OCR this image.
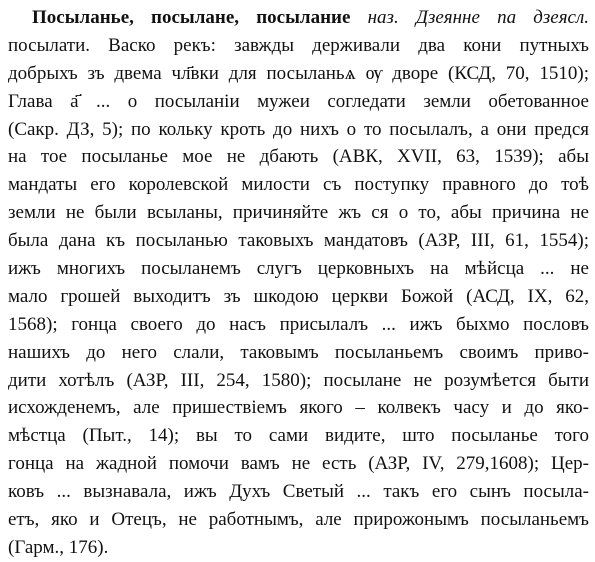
Посыланье, посылане, посылание наз. Дзеянне па дзеясл.
посылати. Васко рекъ: завжды держивали два кони путныхъ
добрыхъ зъ двема чл҃вки для посыланьѧ ѹ дворе (КСД, 70, 1510);
Глава а҃ ... о посыланiи мужеи согледати земли обетованное
(Сакр. ДЗ, 5); по кольку кроть до нихъ о то посылалъ, а они предся
на тое посыланье мое не дбають (АВК, XVII, 63, 1539); абы
мандаты его королевской милости съ поступку правного до тоѣ
земли не были всыланы, причиняйте жъ ся о то, абы причина не
была дана къ посыланью таковыхъ мандатовъ (АЗР, III, 61, 1554);
ижъ многихъ посыланемъ слугъ церковныхъ на мѣйсца ... не
мало грошей выходитъ зъ шкодою церкви Божой (АСД, IX, 62,
1568); гонца своего до насъ присылалъ ... ижъ быхмо пословъ
нашихъ до него слали, таковымъ посыланьемъ своимъ приво-
дити хотѣлъ (АЗР, III, 254, 1580); посылане не розумѣется быти
исхожденемъ, але пришествiемъ якого – колвекъ часу и до яко-
мѣстца (Пыт., 14); вы то сами видите, што посыланье того
гонца на жадной помочи вамъ не есть (АЗР, IV, 279,1608); Цер-
ковъ ... вызнавала, ижъ Духъ Светый ... такъ его сынъ посыла-
етъ, яко и Отецъ, не работнымъ, але прирожонымъ посыланьемъ
(Гарм., 176).
